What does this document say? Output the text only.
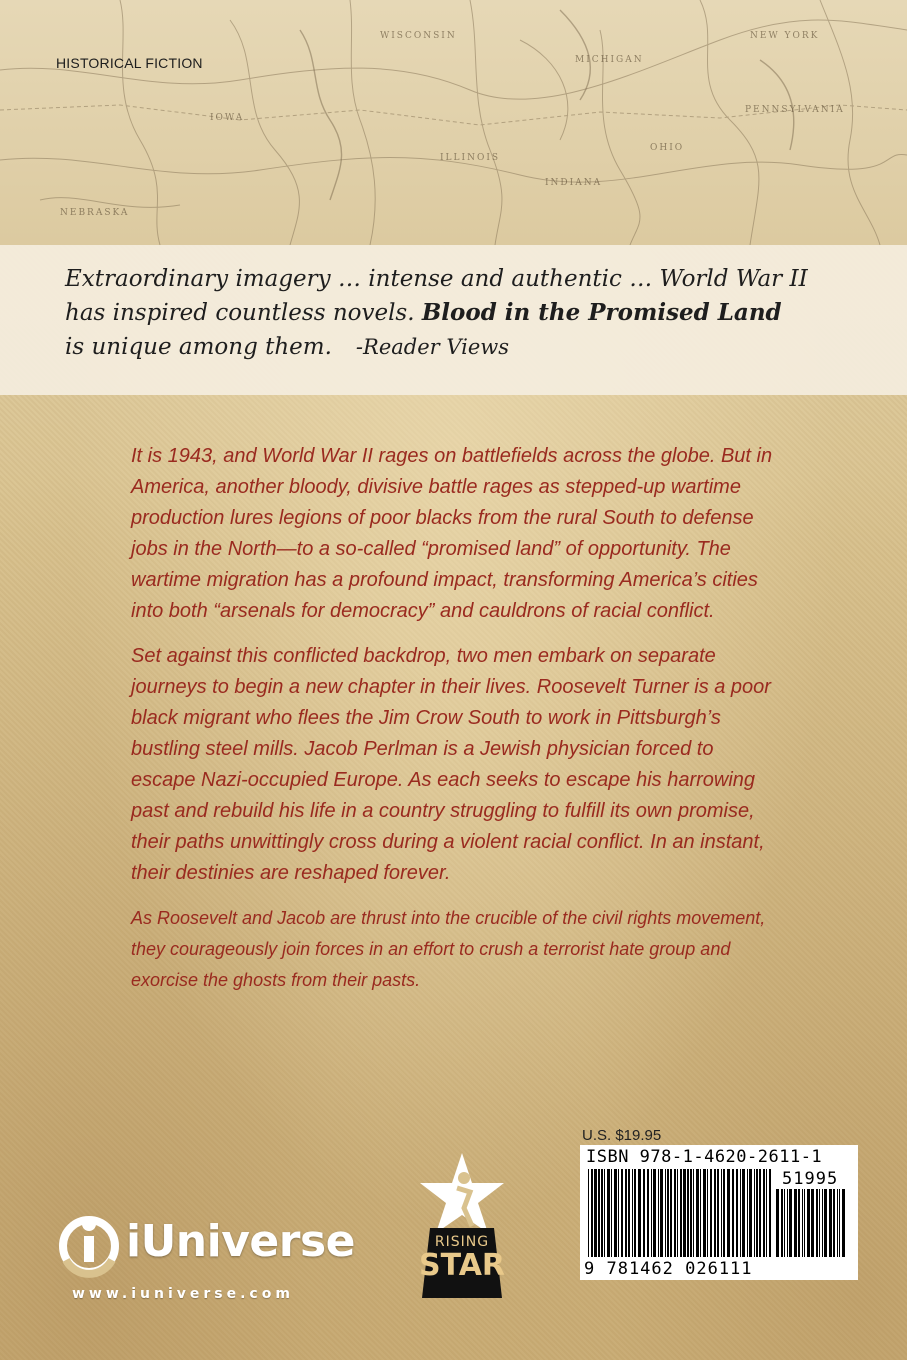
WISCONSIN
MICHIGAN
NEW YORK
PENNSYLVANIA
ILLINOIS
INDIANA
OHIO
IOWA
NEBRASKA
HISTORICAL FICTION

Extraordinary imagery … intense and authentic … World War II
has inspired countless novels. Blood in the Promised Land
is unique among them. -Reader Views

It is 1943, and World War II rages on battlefields across the globe. But in America, another bloody, divisive battle rages as stepped-up wartime production lures legions of poor blacks from the rural South to defense jobs in the North—to a so-called “promised land” of opportunity. The wartime migration has a profound impact, transforming America’s cities into both “arsenals for democracy” and cauldrons of racial conflict.

Set against this conflicted backdrop, two men embark on separate journeys to begin a new chapter in their lives. Roosevelt Turner is a poor black migrant who flees the Jim Crow South to work in Pittsburgh’s bustling steel mills. Jacob Perlman is a Jewish physician forced to escape Nazi-occupied Europe. As each seeks to escape his harrowing past and rebuild his life in a country struggling to fulfill its own promise, their paths unwittingly cross during a violent racial conflict. In an instant, their destinies are reshaped forever.

As Roosevelt and Jacob are thrust into the crucible of the civil rights movement, they courageously join forces in an effort to crush a terrorist hate group and exorcise the ghosts from their pasts.

U.S. $19.95
ISBN 978-1-4620-2611-1
51995
9 781462 026111
iUniverse
www.iuniverse.com
RISING
STAR
